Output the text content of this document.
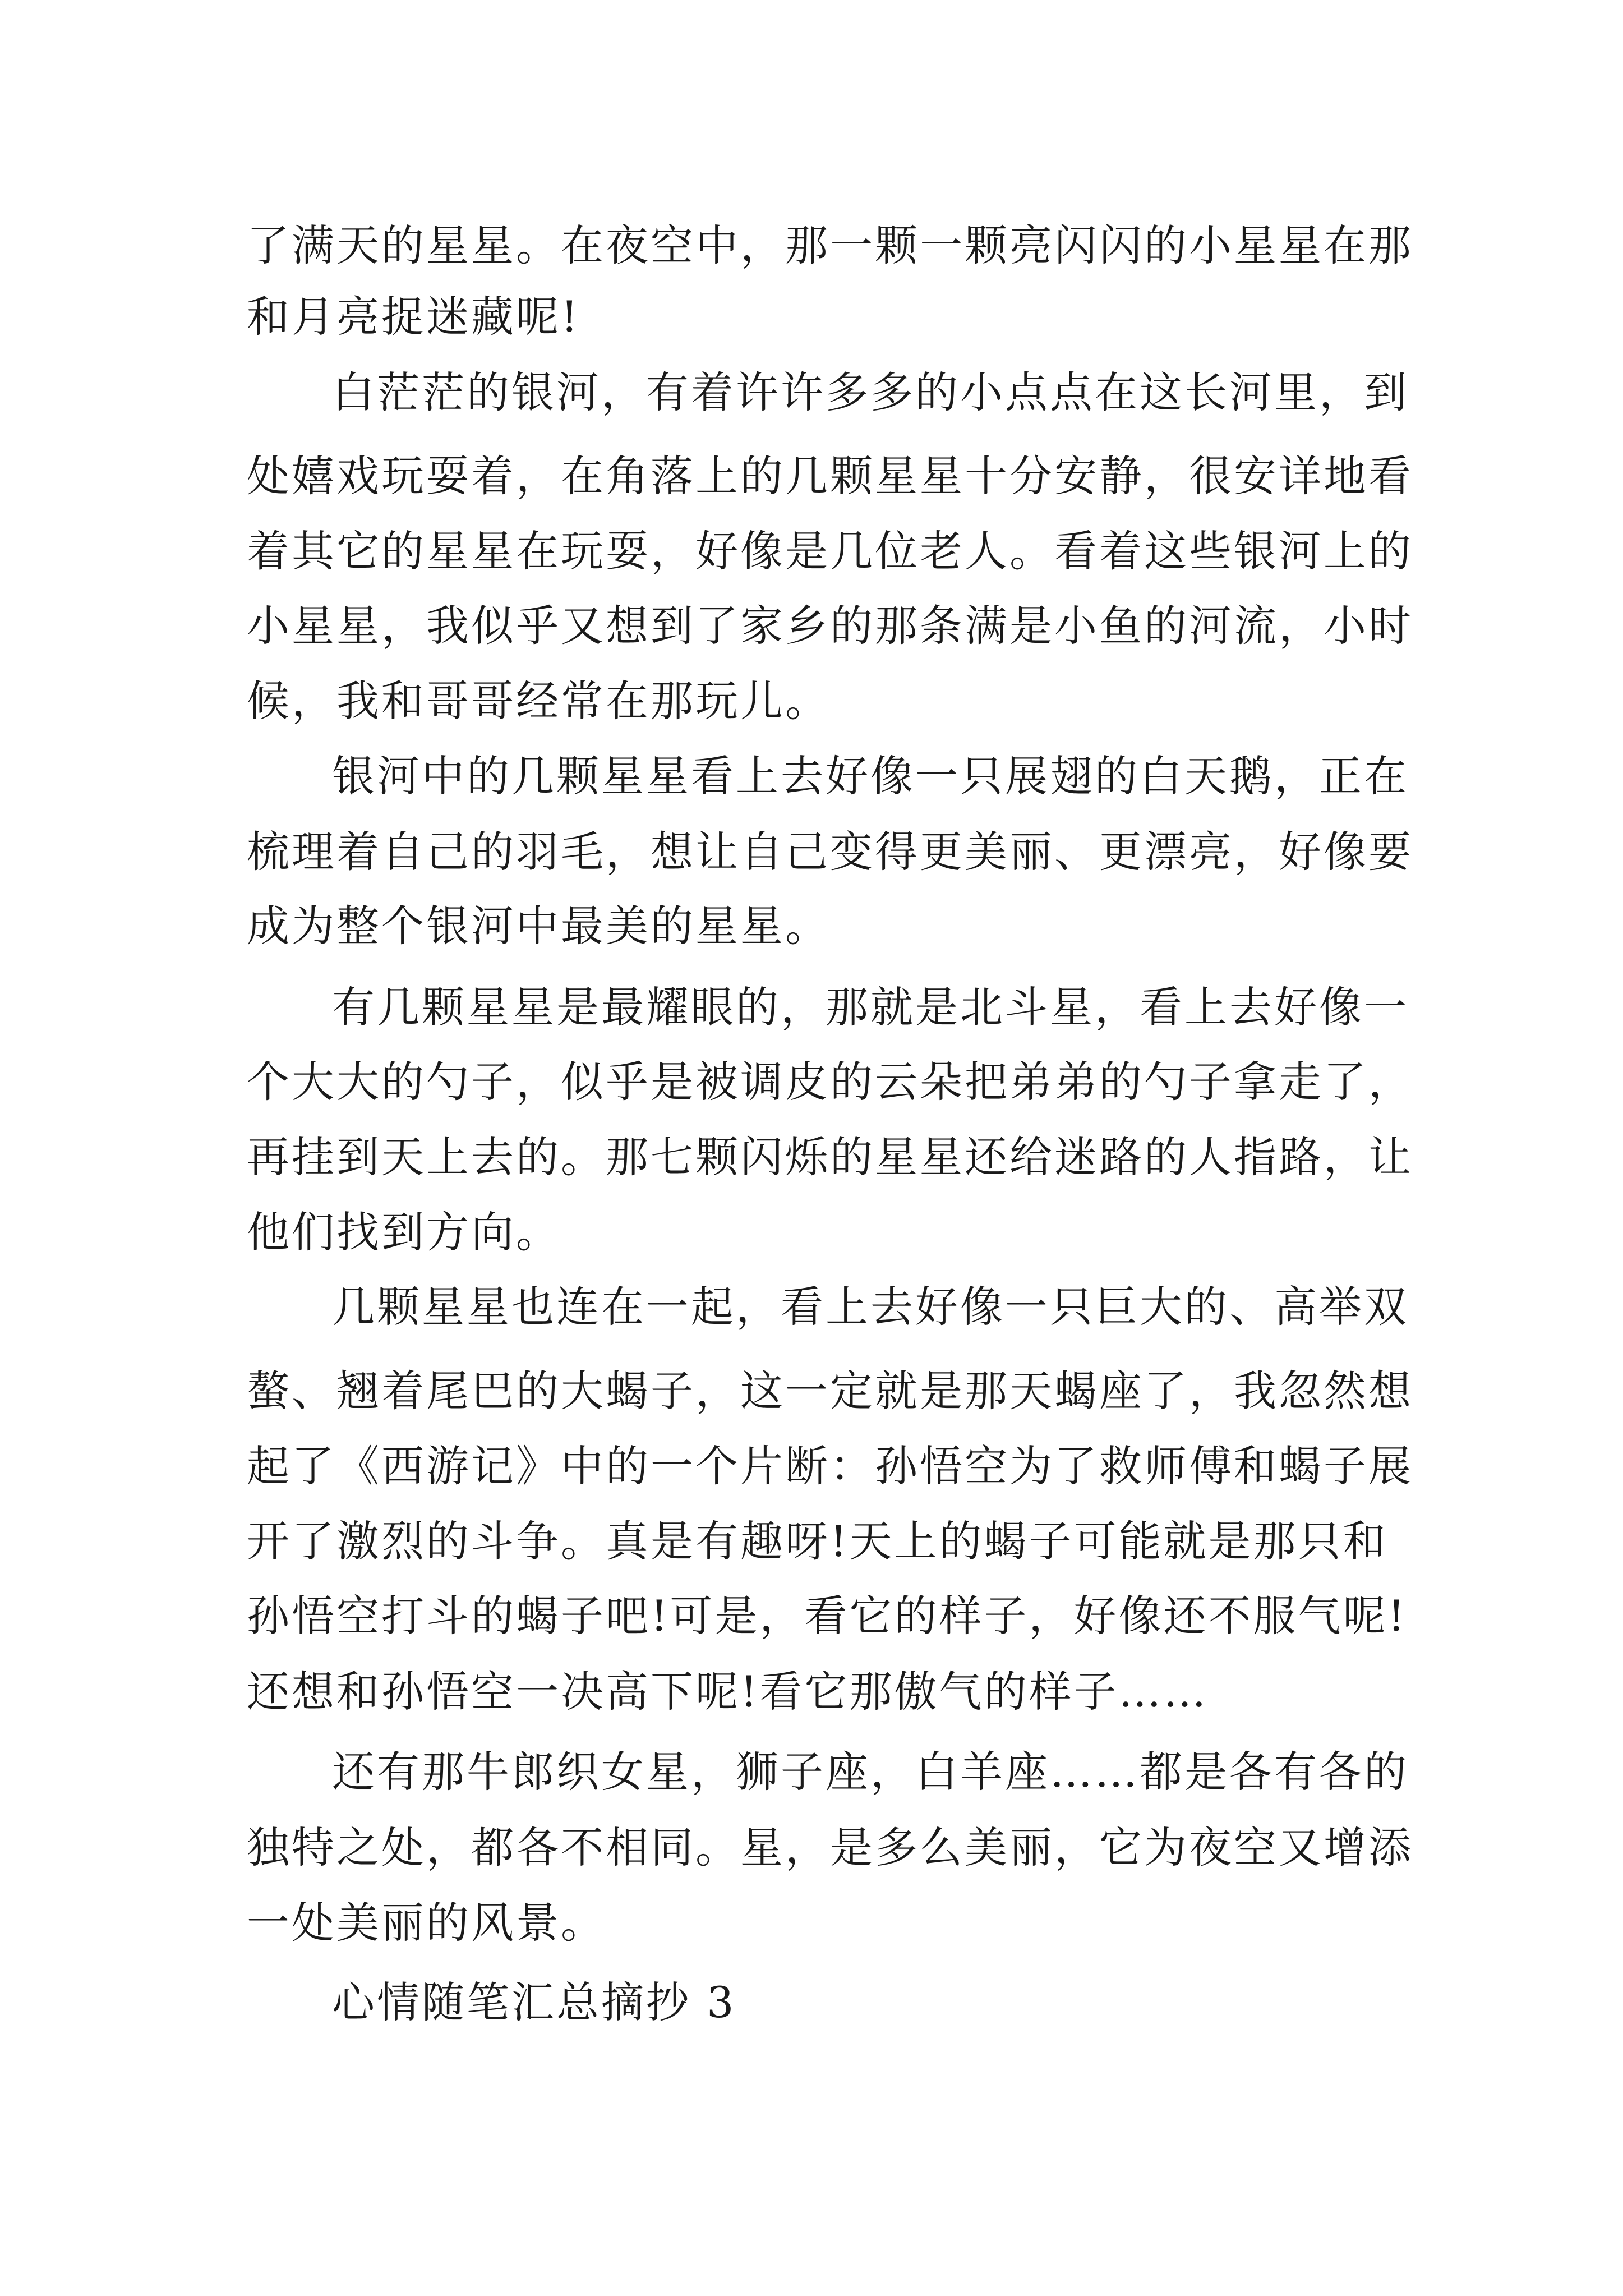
了满天的星星。在夜空中，那一颗一颗亮闪闪的小星星在那
和月亮捉迷藏呢!
白茫茫的银河，有着许许多多的小点点在这长河里，到
处嬉戏玩耍着，在角落上的几颗星星十分安静，很安详地看
着其它的星星在玩耍，好像是几位老人。看着这些银河上的
小星星，我似乎又想到了家乡的那条满是小鱼的河流，小时
候，我和哥哥经常在那玩儿。
银河中的几颗星星看上去好像一只展翅的白天鹅，正在
梳理着自己的羽毛，想让自己变得更美丽、更漂亮，好像要
成为整个银河中最美的星星。
有几颗星星是最耀眼的，那就是北斗星，看上去好像一
个大大的勺子，似乎是被调皮的云朵把弟弟的勺子拿走了，
再挂到天上去的。那七颗闪烁的星星还给迷路的人指路，让
他们找到方向。
几颗星星也连在一起，看上去好像一只巨大的、高举双
螯、翘着尾巴的大蝎子，这一定就是那天蝎座了，我忽然想
起了《西游记》中的一个片断：孙悟空为了救师傅和蝎子展
开了激烈的斗争。真是有趣呀!天上的蝎子可能就是那只和
孙悟空打斗的蝎子吧!可是，看它的样子，好像还不服气呢!
还想和孙悟空一决高下呢!看它那傲气的样子……
还有那牛郎织女星，狮子座，白羊座……都是各有各的
独特之处，都各不相同。星，是多么美丽，它为夜空又增添
一处美丽的风景。
心情随笔汇总摘抄 3
